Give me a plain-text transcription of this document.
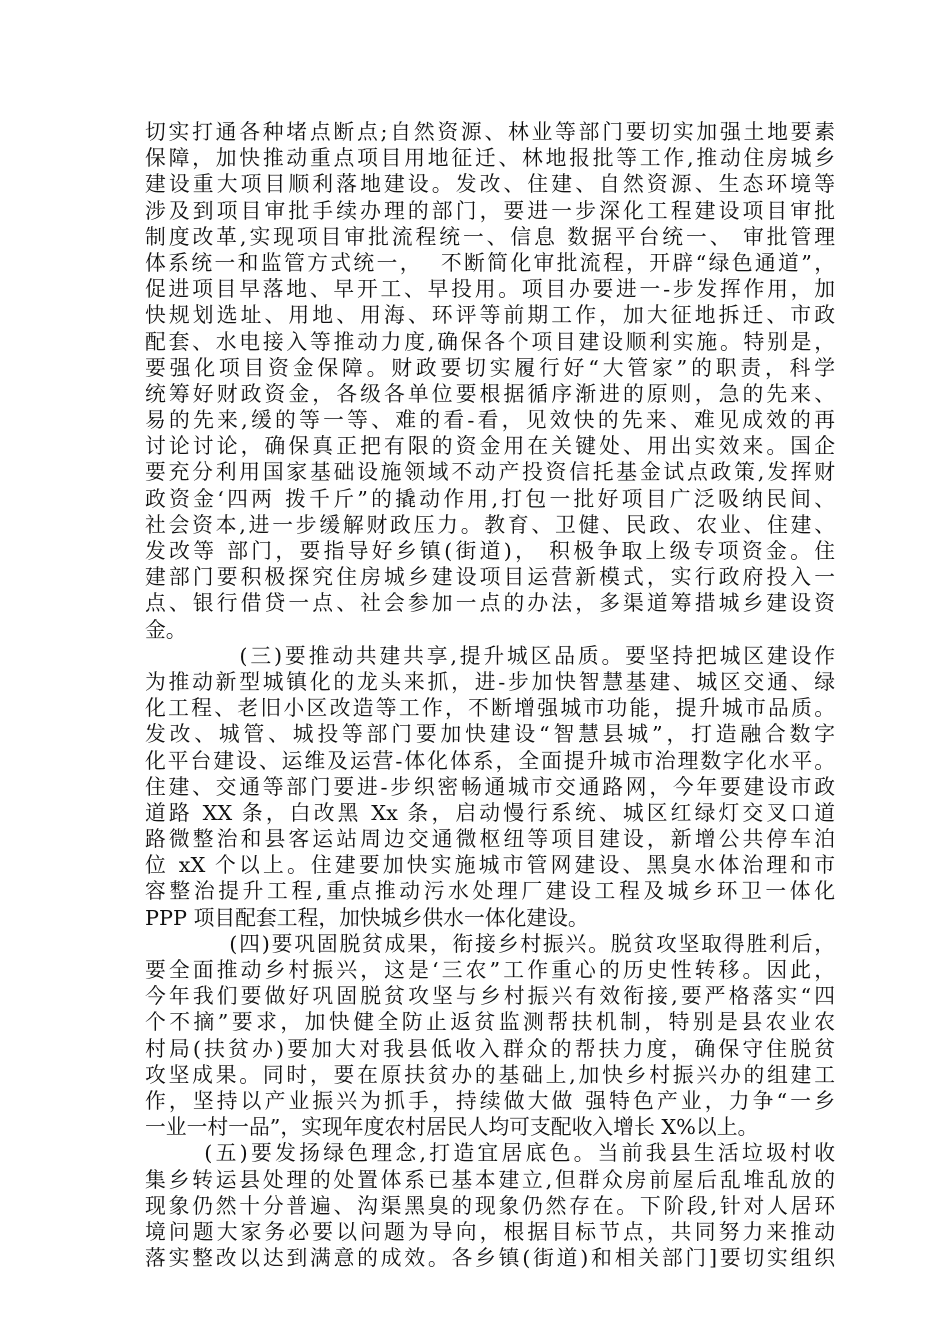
切实打通各种堵点断点;自然资源、林业等部门要切实加强土地要素
保障，加快推动重点项目用地征迁、林地报批等工作,推动住房城乡
建设重大项目顺利落地建设。发改、住建、自然资源、生态环境等
涉及到项目审批手续办理的部门，要进一步深化工程建设项目审批
制度改革,实现项目审批流程统一、信息 数据平台统一、 审批管理
体系统一和监管方式统一，  不断简化审批流程，开辟“绿色通道”，
促进项目早落地、早开工、早投用。项目办要进一-步发挥作用，加
快规划选址、用地、用海、环评等前期工作，加大征地拆迁、市政
配套、水电接入等推动力度,确保各个项目建设顺利实施。特别是，
要强化项目资金保障。财政要切实履行好“大管家”的职责，科学
统筹好财政资金，各级各单位要根据循序渐进的原则，急的先来、
易的先来,缓的等一等、难的看-看，见效快的先来、难见成效的再
讨论讨论，确保真正把有限的资金用在关键处、用出实效来。国企
要充分利用国家基础设施领域不动产投资信托基金试点政策,发挥财
政资金‘四两 拨千斤”的撬动作用,打包一批好项目广泛吸纳民间、
社会资本,进一步缓解财政压力。教育、卫健、民政、农业、住建、
发改等 部门，要指导好乡镇(街道)， 积极争取上级专项资金。住
建部门要积极探究住房城乡建设项目运营新模式，实行政府投入一
点、银行借贷一点、社会参加一点的办法，多渠道筹措城乡建设资
金。
(三)要推动共建共享,提升城区品质。要坚持把城区建设作
为推动新型城镇化的龙头来抓，进-步加快智慧基建、城区交通、绿
化工程、老旧小区改造等工作，不断增强城市功能，提升城市品质。
发改、城管、城投等部门要加快建设“智慧县城”，打造融合数字
化平台建设、运维及运营-体化体系，全面提升城市治理数字化水平。
住建、交通等部门要进-步织密畅通城市交通路网，今年要建设市政
道路 XX 条，白改黑 Xx 条，启动慢行系统、城区红绿灯交叉口道
路微整治和县客运站周边交通微枢纽等项目建设，新增公共停车泊
位 xX 个以上。住建要加快实施城市管网建设、黑臭水体治理和市
容整治提升工程,重点推动污水处理厂建设工程及城乡环卫一体化
PPP 项目配套工程，加快城乡供水一体化建设。
(四)要巩固脱贫成果，衔接乡村振兴。脱贫攻坚取得胜利后，
要全面推动乡村振兴，这是‘三农”工作重心的历史性转移。因此，
今年我们要做好巩固脱贫攻坚与乡村振兴有效衔接,要严格落实“四
个不摘”要求，加快健全防止返贫监测帮扶机制，特别是县农业农
村局(扶贫办)要加大对我县低收入群众的帮扶力度，确保守住脱贫
攻坚成果。同时，要在原扶贫办的基础上,加快乡村振兴办的组建工
作，坚持以产业振兴为抓手，持续做大做 强特色产业，力争“一乡
一业一村一品”，实现年度农村居民人均可支配收入增长 X%以上。
(五)要发扬绿色理念,打造宜居底色。当前我县生活垃圾村收
集乡转运县处理的处置体系已基本建立,但群众房前屋后乱堆乱放的
现象仍然十分普遍、沟渠黑臭的现象仍然存在。下阶段,针对人居环
境问题大家务必要以问题为导向，根据目标节点，共同努力来推动
落实整改以达到满意的成效。各乡镇(街道)和相关部门]要切实组织
